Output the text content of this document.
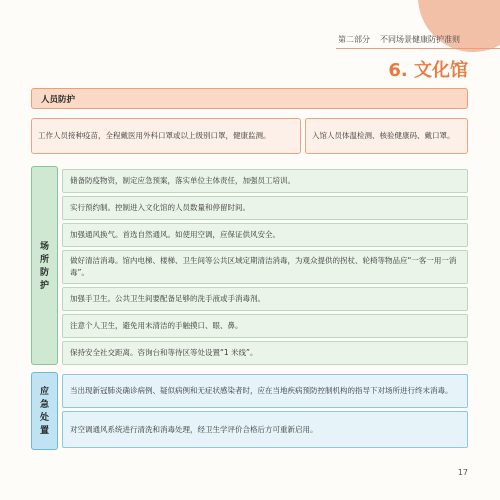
第二部分 不同场景健康防护准则
6. 文化馆
人员防护
工作人员接种疫苗，全程戴医用外科口罩或以上级别口罩，健康监测。	入馆人员体温检测、核验健康码、戴口罩。
场
所
防
护
储备防疫物资，制定应急预案，落实单位主体责任，加强员工培训。
实行预约制。控制进入文化馆的人员数量和停留时间。
加强通风换气。首选自然通风。如使用空调，应保证供风安全。
做好清洁消毒。馆内电梯、楼梯、卫生间等公共区域定期清洁消毒，为观众提供的拐杖、轮椅等物品应“一客一用一消毒”。
加强手卫生。公共卫生间要配备足够的洗手液或手消毒剂。
注意个人卫生，避免用未清洁的手触摸口、眼、鼻。
保持安全社交距离。咨询台和等待区等处设置“1 米线”。
应
急
处
置
当出现新冠肺炎确诊病例、疑似病例和无症状感染者时，应在当地疾病预防控制机构的指导下对场所进行终末消毒。
对空调通风系统进行清洗和消毒处理，经卫生学评价合格后方可重新启用。
17
